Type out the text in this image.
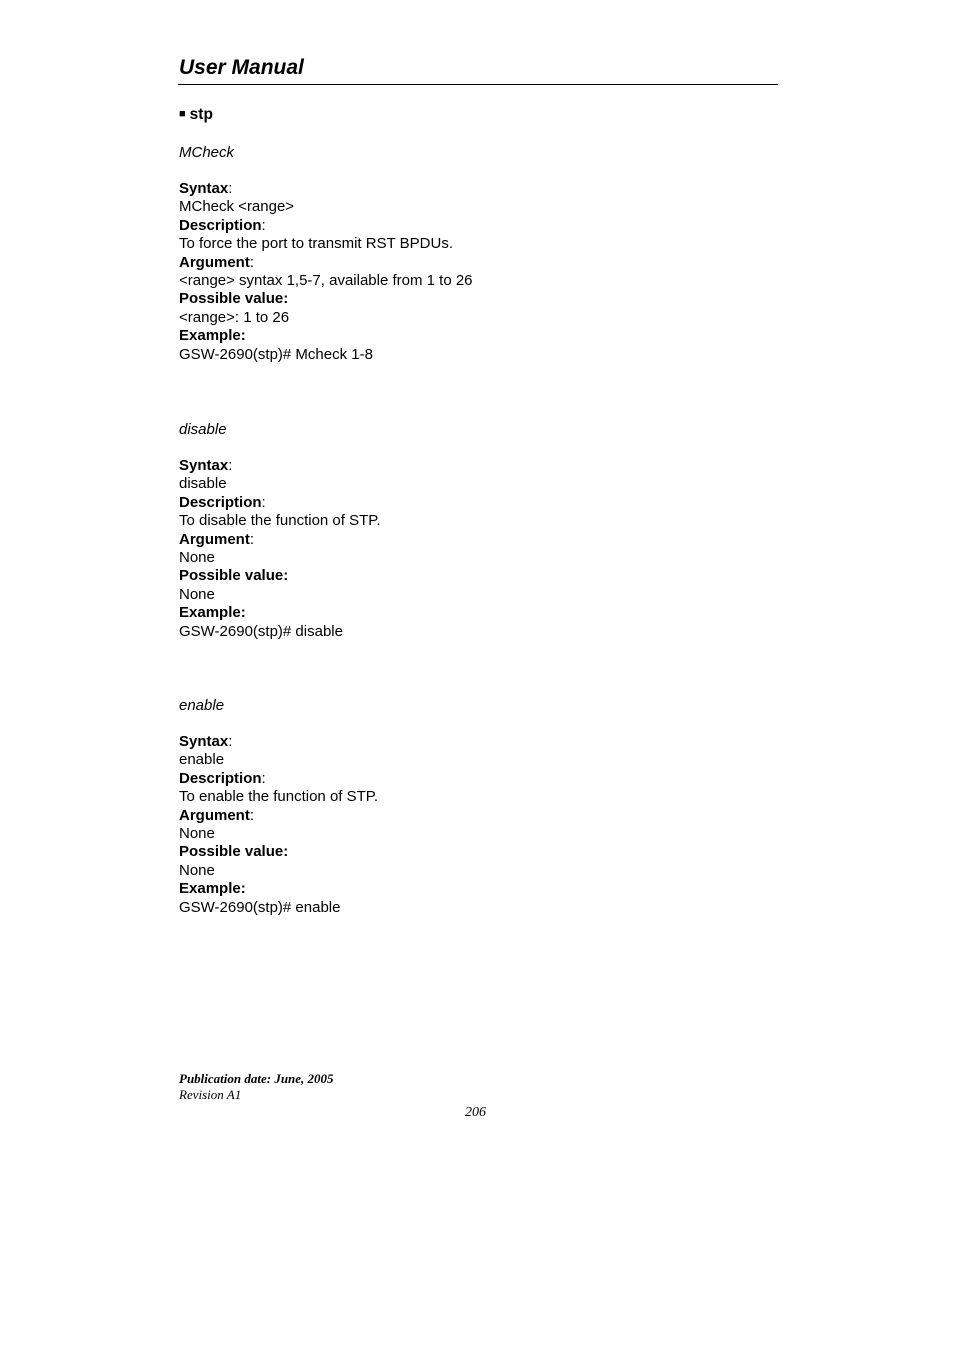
User Manual
■ stp
MCheck
Syntax:
MCheck <range>
Description:
To force the port to transmit RST BPDUs.
Argument:
<range> syntax 1,5-7, available from 1 to 26
Possible value:
<range>: 1 to 26
Example:
GSW-2690(stp)# Mcheck 1-8
disable
Syntax:
disable
Description:
To disable the function of STP.
Argument:
None
Possible value:
None
Example:
GSW-2690(stp)# disable
enable
Syntax:
enable
Description:
To enable the function of STP.
Argument:
None
Possible value:
None
Example:
GSW-2690(stp)# enable
Publication date: June, 2005
Revision A1
206
